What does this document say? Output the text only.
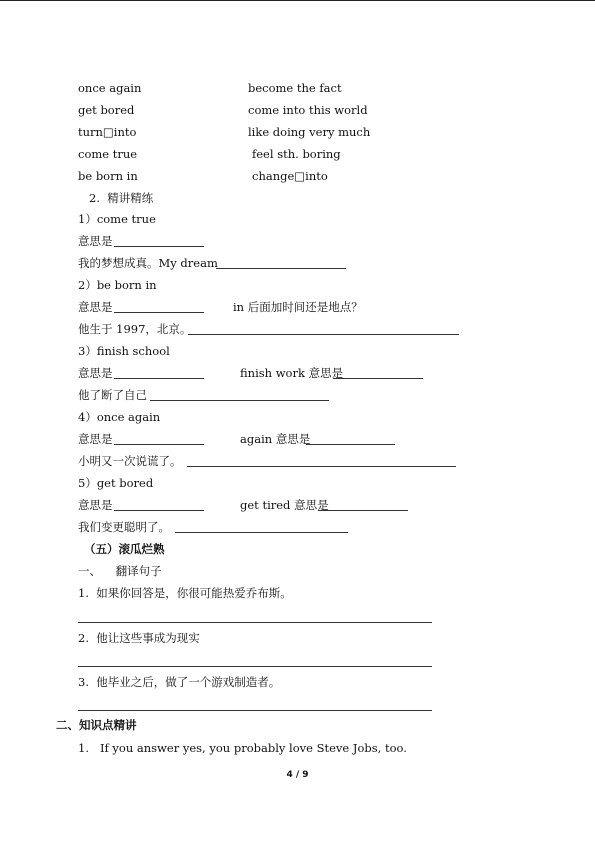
once again	become the fact
get bored	come into this world
turn□into	like doing very much
come true	feel sth. boring
be born in	change□into
2.  精讲精练
1）come true
意思是
我的梦想成真。My dream
2）be born in
意思是	in 后面加时间还是地点？
他生于 1997，北京。
3）finish school
意思是	finish work 意思是
他了断了自己
4）once again
意思是	again 意思是
小明又一次说谎了。
5）get bored
意思是	get tired 意思是
我们变更聪明了。
（五）滚瓜烂熟
一、    翻译句子
1.  如果你回答是，你很可能热爱乔布斯。
2.  他让这些事成为现实
3.  他毕业之后，做了一个游戏制造者。
二、知识点精讲
1.   If you answer yes, you probably love Steve Jobs, too.
4 / 9
